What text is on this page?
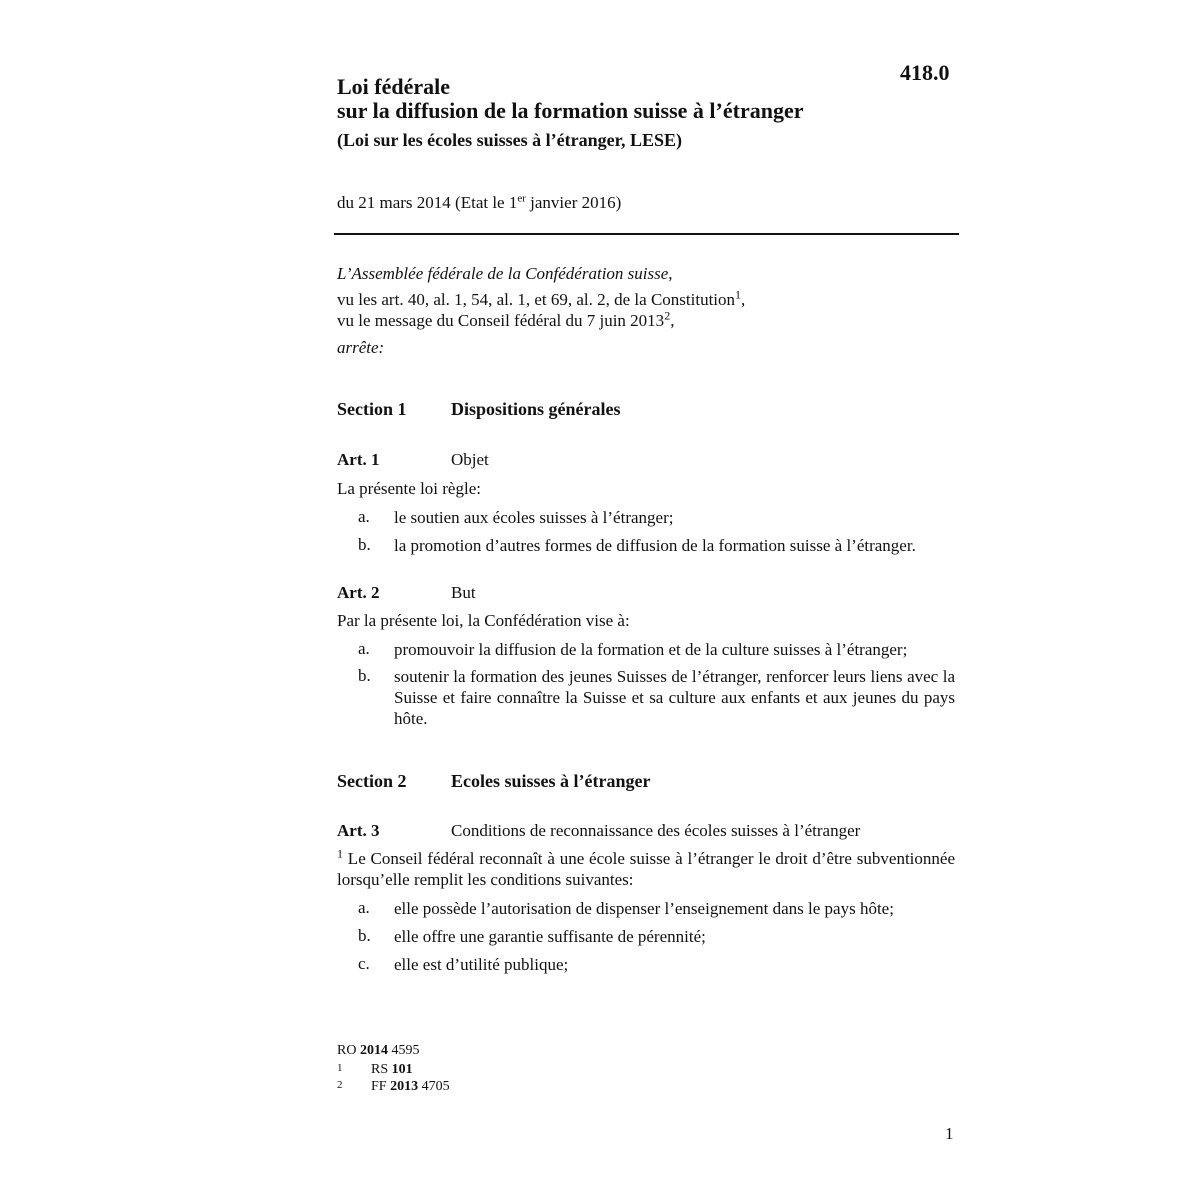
418.0

Loi fédérale

sur la diffusion de la formation suisse à l’étranger

(Loi sur les écoles suisses à l’étranger, LESE)

du 21 mars 2014 (Etat le 1er janvier 2016)

L’Assemblée fédérale de la Confédération suisse,

vu les art. 40, al. 1, 54, al. 1, et 69, al. 2, de la Constitution$^1$,

vu le message du Conseil fédéral du 7 juin 2013$^2$,

arrête:

Section 1 Dispositions générales

Art. 1	Objet

La présente loi règle:

a. le soutien aux écoles suisses à l’étranger;
b. la promotion d’autres formes de diffusion de la formation suisse à l’étranger.

Art. 2	But

Par la présente loi, la Confédération vise à:

a. promouvoir la diffusion de la formation et de la culture suisses à l’étranger;
b. soutenir la formation des jeunes Suisses de l’étranger, renforcer leurs liens avec la Suisse et faire connaître la Suisse et sa culture aux enfants et aux jeunes du pays hôte.

Section 2 Ecoles suisses à l’étranger

Art. 3	Conditions de reconnaissance des écoles suisses à l’étranger

$^1$ Le Conseil fédéral reconnaît à une école suisse à l’étranger le droit d’être subventionnée lorsqu’elle remplit les conditions suivantes:

a. elle possède l’autorisation de dispenser l’enseignement dans le pays hôte;
b. elle offre une garantie suffisante de pérennité;
c. elle est d’utilité publique;

RO 2014 4595

1 RS 101

2 FF 2013 4705

1
